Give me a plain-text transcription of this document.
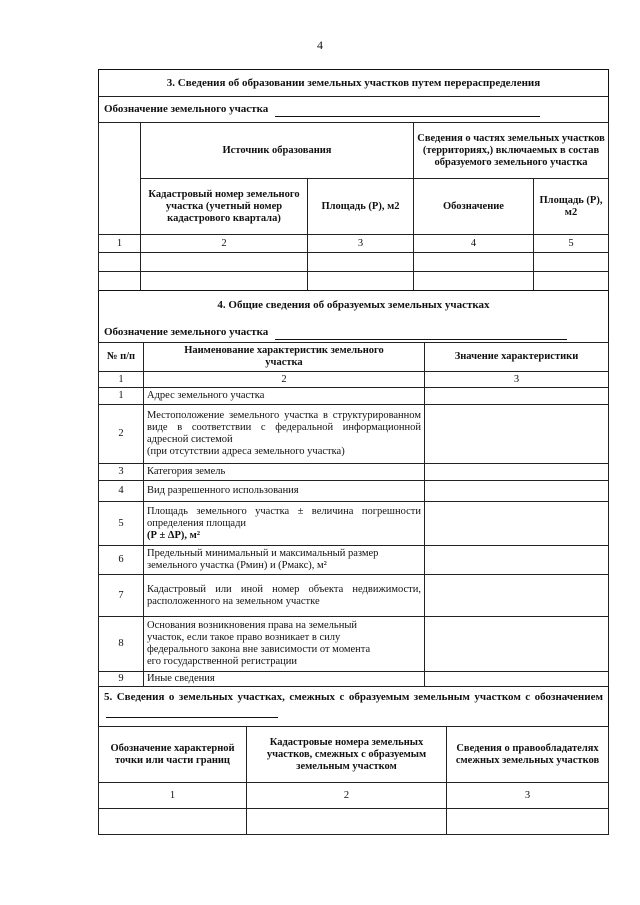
4
3. Сведения об образовании земельных участков путем перераспределения
Обозначение земельного участка
	Источник образования		Сведения о частях земельных участков (территориях,) включаемых в состав образуемого земельного участка	
	Кадастровый номер земельного участка (учетный номер кадастрового квартала)	Площадь (Р), м2	Обозначение	Площадь (Р), м2
1	2	3	4	5

4. Общие сведения об образуемых земельных участках
Обозначение земельного участка
№ п/п	Наименование характеристик земельного участка	Значение характеристики
1	2	3
1	Адрес земельного участка	
2	Местоположение земельного участка в структурированном виде в соответствии с федеральной информационной адресной системой
(при отсутствии адреса земельного участка)	

3	Категория земель	
4	Вид разрешенного использования	
5	Площадь земельного участка ± величина погрешности определения площади
(Р ± ΔР), м²	

6	Предельный минимальный и максимальный размер
земельного участка (Рмин) и (Рмакс), м²	

7	Кадастровый или иной номер объекта недвижимости, расположенного на земельном участке	
8	Основания возникновения права на земельный участок, если такое право возникает в силу федерального закона вне зависимости от момента его государственной регистрации	
9	Иные сведения	
5. Сведения о земельных участках, смежных с образуемым земельным участком с обозначением
Обозначение характерной точки или части границ	Кадастровые номера земельных участков, смежных с образуемым земельным участком	Сведения о правообладателях смежных земельных участков
1	2	3
